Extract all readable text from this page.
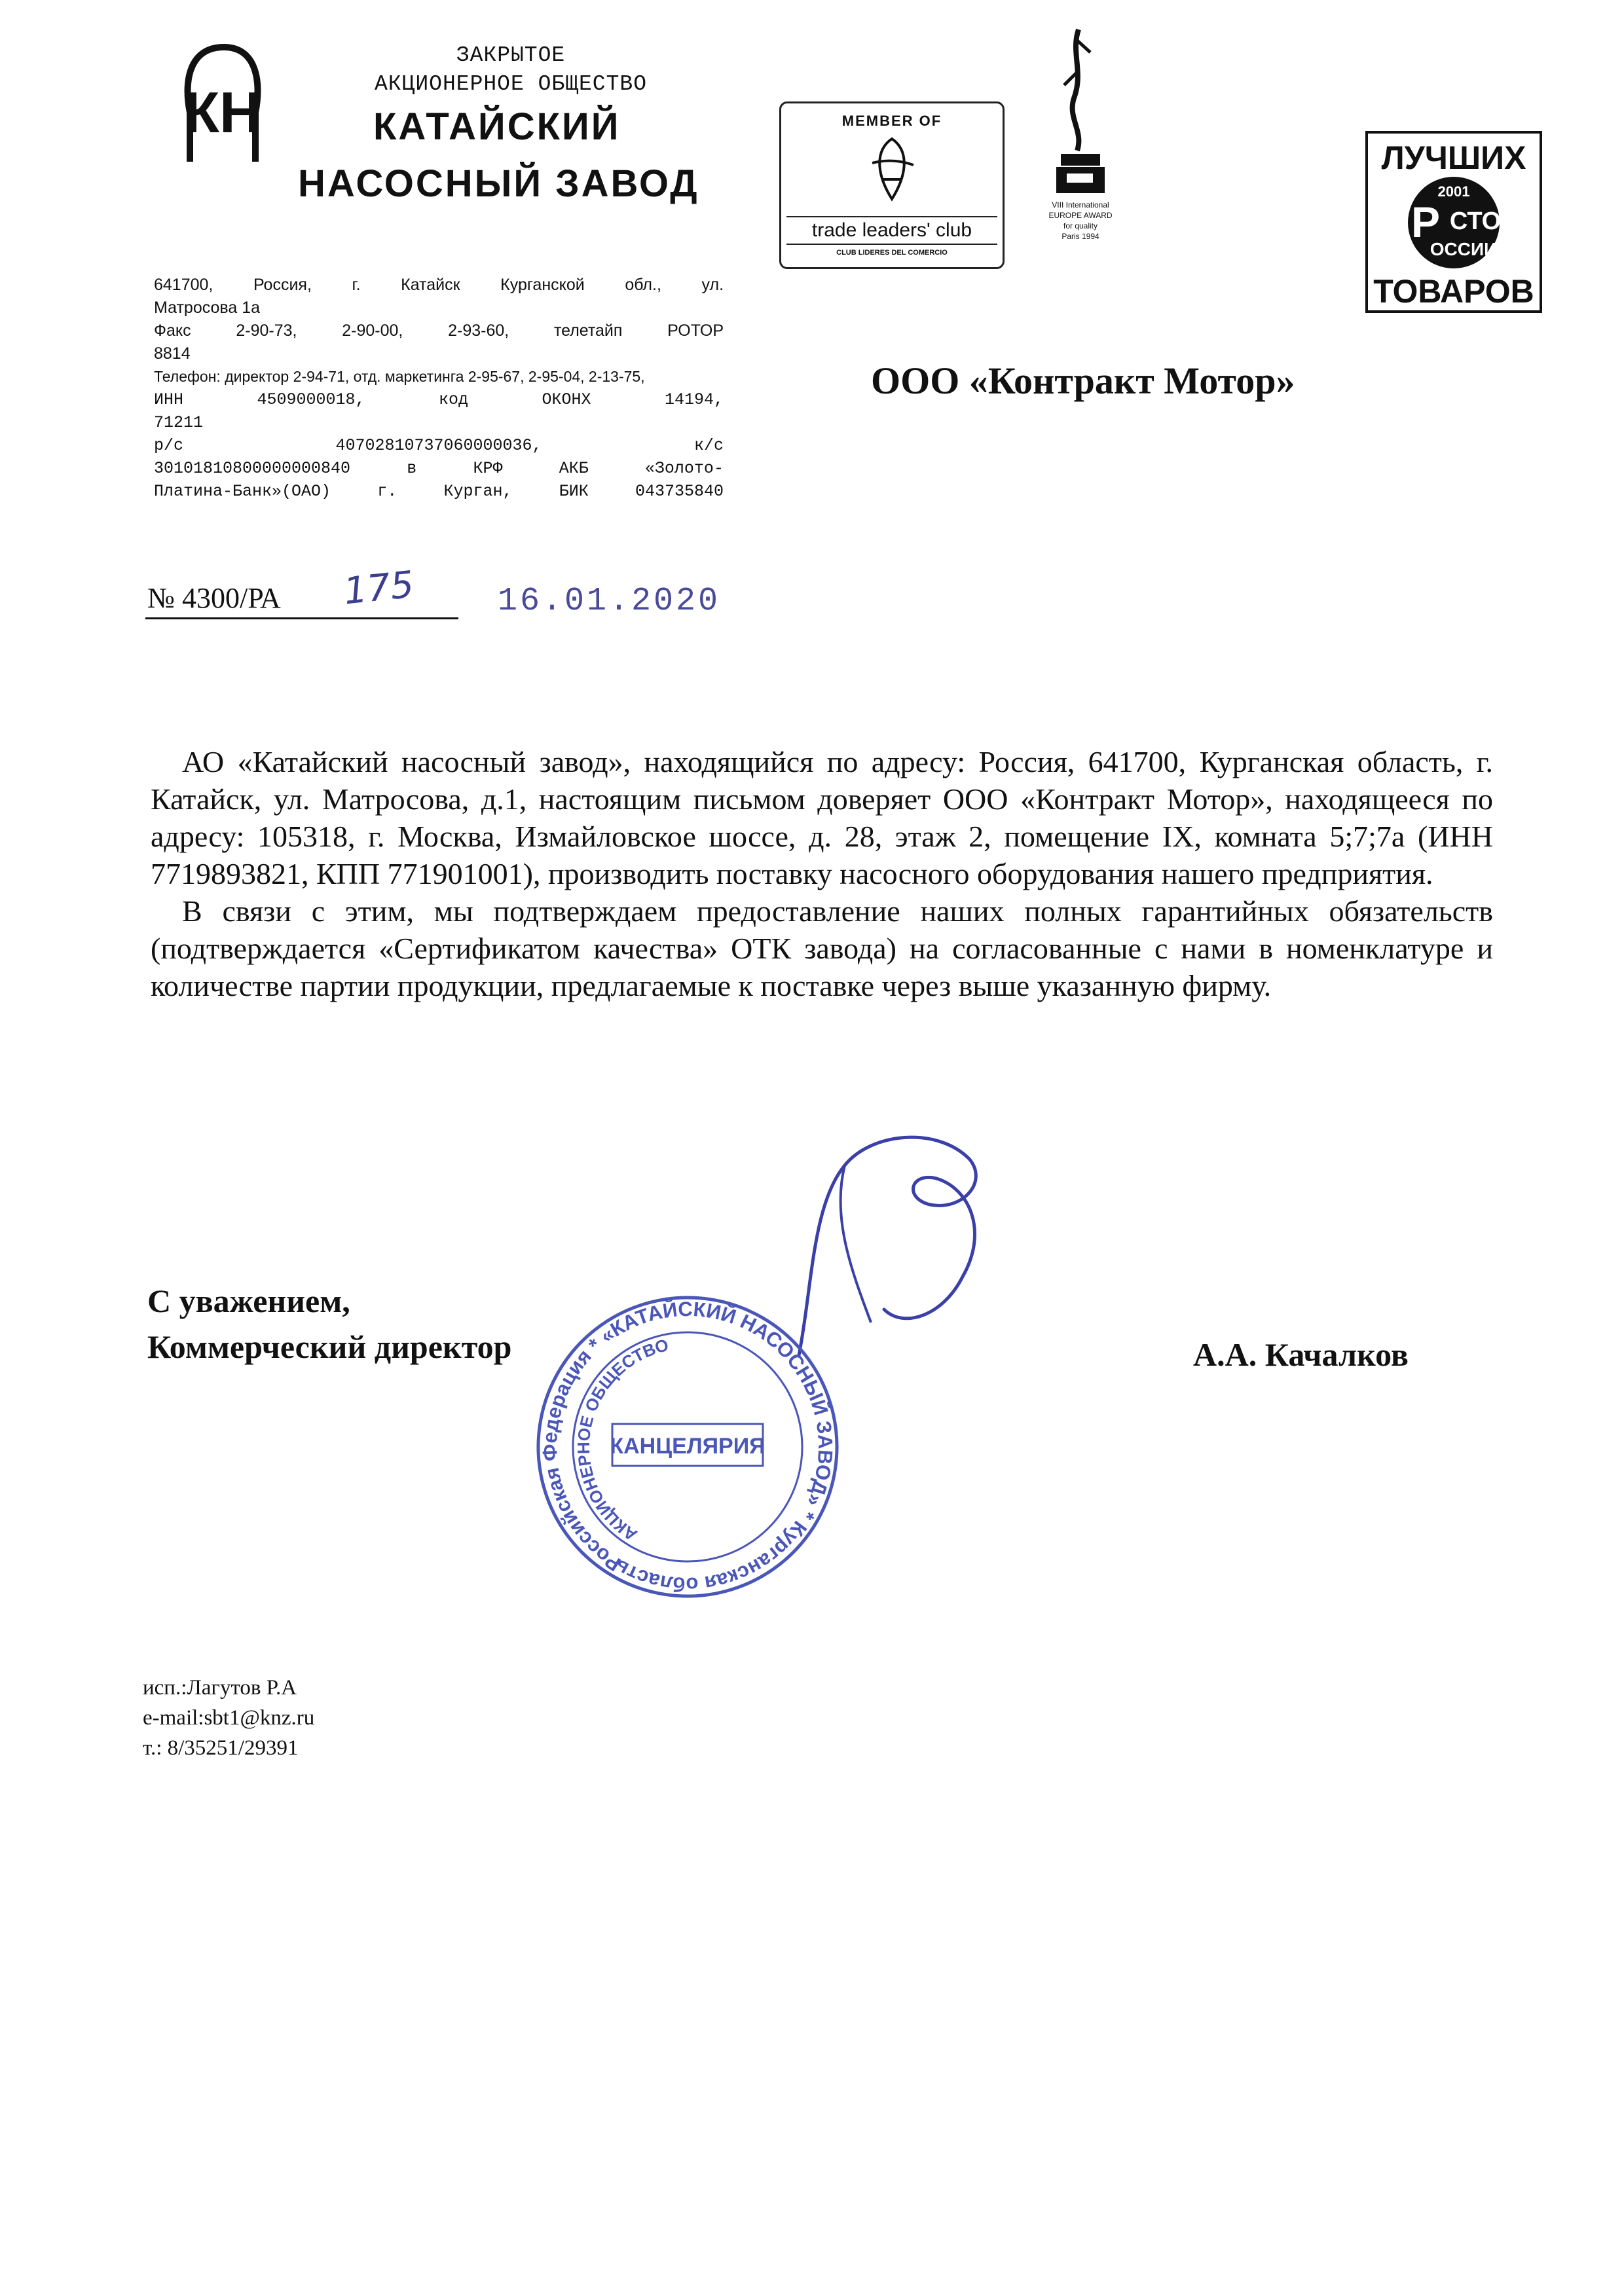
КН
ЗАКРЫТОЕ
АКЦИОНЕРНОЕ ОБЩЕСТВО
КАТАЙСКИЙ
НАСОСНЫЙ ЗАВОД
MEMBER OF
trade leaders' club
CLUB LIDERES DEL COMERCIO
VIII International
EUROPE AWARD
for quality
Paris 1994
ЛУЧШИХ
2001
Р СТО
ОССИИ
ТОВАРОВ
641700, Россия, г. Катайск Курганской обл., ул.
Матросова 1а
Факс	2-90-73,	2-90-00,	2-93-60,	телетайп	РОТОР
8814
Телефон: директор 2-94-71, отд. маркетинга 2-95-67, 2-95-04, 2-13-75,
ИНН	4509000018,	код	ОКОНХ	14194,
71211
р/с	40702810737060000036,	к/с
30101810800000000840	в	КРФ	АКБ	«Золото-
Платина-Банк»(ОАО)	г. Курган,	БИК 043735840
ООО «Контракт Мотор»
№ 4300/РА 175	16.01.2020

АО «Катайский насосный завод», находящийся по адресу: Россия, 641700, Курганская область, г. Катайск, ул. Матросова, д.1, настоящим письмом доверяет ООО «Контракт Мотор», находящееся по адресу: 105318, г. Москва, Измайловское шоссе, д. 28, этаж 2, помещение IX, комната 5;7;7а (ИНН 7719893821, КПП 771901001), производить поставку насосного оборудования нашего предприятия.

В связи с этим, мы подтверждаем предоставление наших полных гарантийных обязательств (подтверждается «Сертификатом качества» ОТК завода) на согласованные с нами в номенклатуре и количестве партии продукции, предлагаемые к поставке через выше указанную фирму.

С уважением,
Коммерческий директор	А.А. Качалков
Российская Федерация * «КАТАЙСКИЙ НАСОСНЫЙ ЗАВОД» * Курганская область
АКЦИОНЕРНОЕ ОБЩЕСТВО
КАНЦЕЛЯРИЯ
исп.:Лагутов Р.А
e-mail:sbt1@knz.ru
т.: 8/35251/29391
